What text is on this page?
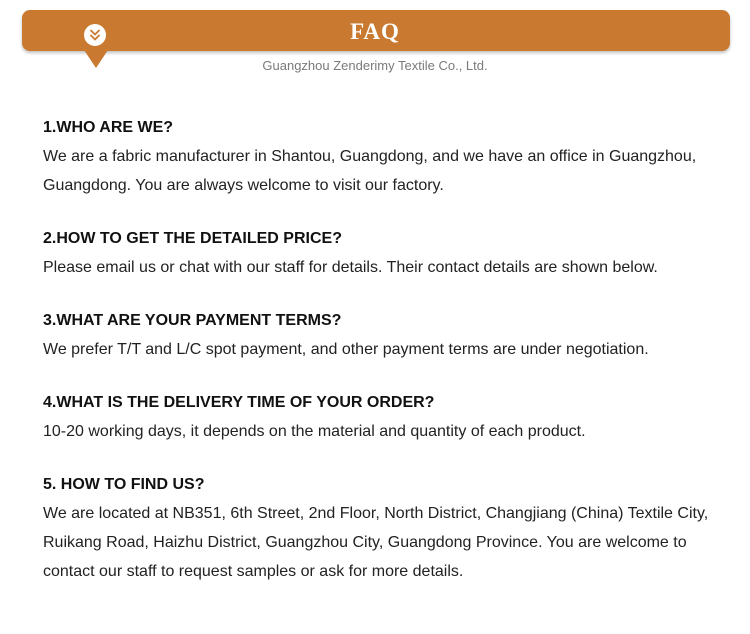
FAQ
Guangzhou Zenderimy Textile Co., Ltd.
1.WHO ARE WE?
We are a fabric manufacturer in Shantou, Guangdong, and we have an office in Guangzhou, Guangdong. You are always welcome to visit our factory.
2.HOW TO GET THE DETAILED PRICE?
Please email us or chat with our staff for details. Their contact details are shown below.
3.WHAT ARE YOUR PAYMENT TERMS?
We prefer T/T and L/C spot payment, and other payment terms are under negotiation.
4.WHAT IS THE DELIVERY TIME OF YOUR ORDER?
10-20 working days, it depends on the material and quantity of each product.
5. HOW TO FIND US?
We are located at NB351, 6th Street, 2nd Floor, North District, Changjiang (China) Textile City, Ruikang Road, Haizhu District, Guangzhou City, Guangdong Province. You are welcome to contact our staff to request samples or ask for more details.
